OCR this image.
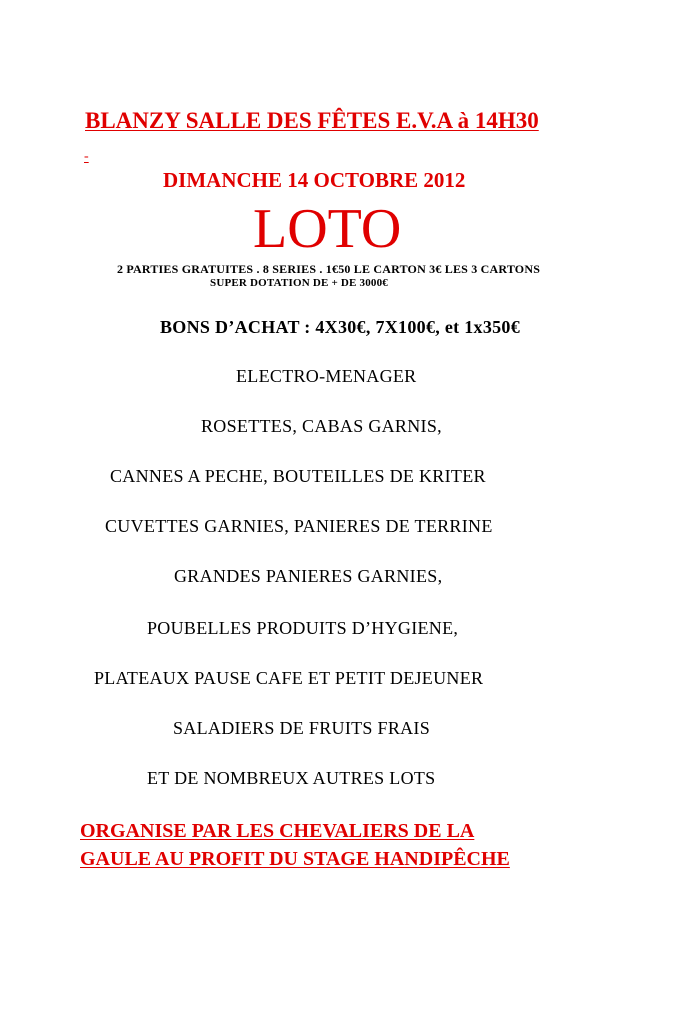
BLANZY SALLE DES FÊTES E.V.A à 14H30
-
DIMANCHE 14 OCTOBRE 2012
LOTO
2 PARTIES GRATUITES . 8 SERIES . 1€50 LE CARTON 3€ LES 3 CARTONS
SUPER DOTATION DE + DE 3000€
BONS D’ACHAT : 4X30€, 7X100€, et 1x350€
ELECTRO-MENAGER
ROSETTES, CABAS GARNIS,
CANNES A PECHE, BOUTEILLES DE KRITER
CUVETTES GARNIES, PANIERES DE TERRINE
GRANDES PANIERES GARNIES,
POUBELLES PRODUITS D’HYGIENE,
PLATEAUX PAUSE CAFE ET PETIT DEJEUNER
SALADIERS DE FRUITS FRAIS
ET DE NOMBREUX AUTRES LOTS
ORGANISE PAR LES CHEVALIERS DE LA
GAULE AU PROFIT DU STAGE HANDIPÊCHE
